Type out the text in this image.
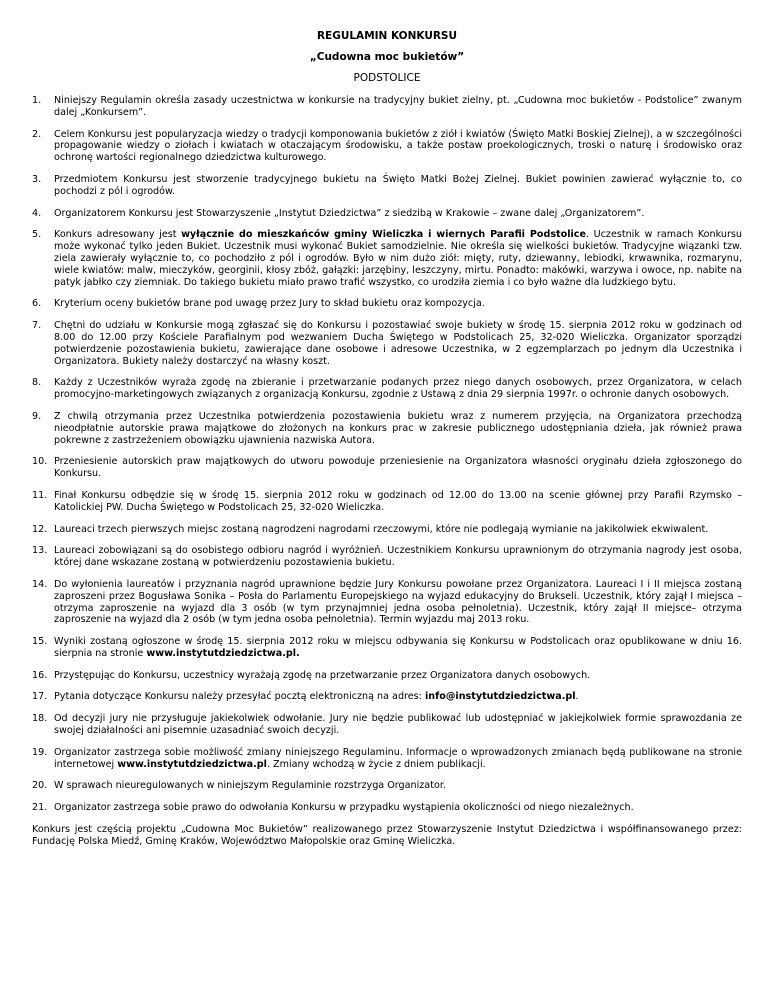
REGULAMIN KONKURSU

„Cudowna moc bukietów”

PODSTOLICE

1.	Niniejszy Regulamin określa zasady uczestnictwa w konkursie na tradycyjny bukiet zielny, pt. „Cudowna moc bukietów - Podstolice” zwanym dalej „Konkursem”.
2.	Celem Konkursu jest popularyzacja wiedzy o tradycji komponowania bukietów z ziół i kwiatów (Święto Matki Boskiej Zielnej), a w szczególności propagowanie wiedzy o ziołach i kwiatach w otaczającym środowisku, a także postaw proekologicznych, troski o naturę i środowisko oraz ochronę wartości regionalnego dziedzictwa kulturowego.
3.	Przedmiotem Konkursu jest stworzenie tradycyjnego bukietu na Święto Matki Bożej Zielnej. Bukiet powinien zawierać wyłącznie to, co pochodzi z pól i ogrodów.
4.	Organizatorem Konkursu jest Stowarzyszenie „Instytut Dziedzictwa” z siedzibą w Krakowie – zwane dalej „Organizatorem”.
5.	Konkurs adresowany jest wyłącznie do mieszkańców gminy Wieliczka i wiernych Parafii Podstolice. Uczestnik w ramach Konkursu może wykonać tylko jeden Bukiet. Uczestnik musi wykonać Bukiet samodzielnie. Nie określa się wielkości bukietów. Tradycyjne wiązanki tzw. ziela zawierały wyłącznie to, co pochodziło z pól i ogrodów. Było w nim dużo ziół: mięty, ruty, dziewanny, lebiodki, krwawnika, rozmarynu, wiele kwiatów: malw, mieczyków, georginii, kłosy zbóż, gałązki: jarzębiny, leszczyny, mirtu. Ponadto: makówki, warzywa i owoce, np. nabite na patyk jabłko czy ziemniak. Do takiego bukietu miało prawo trafić wszystko, co urodziła ziemia i co było ważne dla ludzkiego bytu.
6.	Kryterium oceny bukietów brane pod uwagę przez Jury to skład bukietu oraz kompozycja.
7.	Chętni do udziału w Konkursie mogą zgłaszać się do Konkursu i pozostawiać swoje bukiety w środę 15. sierpnia 2012 roku w godzinach od 8.00 do 12.00 przy Kościele Parafialnym pod wezwaniem Ducha Świętego w Podstolicach 25, 32-020 Wieliczka. Organizator sporządzi potwierdzenie pozostawienia bukietu, zawierające dane osobowe i adresowe Uczestnika, w 2 egzemplarzach po jednym dla Uczestnika i Organizatora. Bukiety należy dostarczyć na własny koszt.
8.	Każdy z Uczestników wyraża zgodę na zbieranie i przetwarzanie podanych przez niego danych osobowych, przez Organizatora, w celach promocyjno-marketingowych związanych z organizacją Konkursu, zgodnie z Ustawą z dnia 29 sierpnia 1997r. o ochronie danych osobowych.
9.	Z chwilą otrzymania przez Uczestnika potwierdzenia pozostawienia bukietu wraz z numerem przyjęcia, na Organizatora przechodzą nieodpłatnie autorskie prawa majątkowe do złożonych na konkurs prac w zakresie publicznego udostępniania dzieła, jak również prawa pokrewne z zastrzeżeniem obowiązku ujawnienia nazwiska Autora.
10. Przeniesienie autorskich praw majątkowych do utworu powoduje przeniesienie na Organizatora własności oryginału dzieła zgłoszonego do Konkursu.
11. Finał Konkursu odbędzie się w środę 15. sierpnia 2012 roku w godzinach od 12.00 do 13.00 na scenie głównej przy Parafii Rzymsko – Katolickiej PW. Ducha Świętego w Podstolicach 25, 32-020 Wieliczka.
12. Laureaci trzech pierwszych miejsc zostaną nagrodzeni nagrodami rzeczowymi, które nie podlegają wymianie na jakikolwiek ekwiwalent.
13. Laureaci zobowiązani są do osobistego odbioru nagród i wyróżnień. Uczestnikiem Konkursu uprawnionym do otrzymania nagrody jest osoba, której dane wskazane zostaną w potwierdzeniu pozostawienia bukietu.
14. Do wyłonienia laureatów i przyznania nagród uprawnione będzie Jury Konkursu powołane przez Organizatora. Laureaci I i II miejsca zostaną zaproszeni przez Bogusława Sonika – Posła do Parlamentu Europejskiego na wyjazd edukacyjny do Brukseli. Uczestnik, który zajął I miejsca – otrzyma zaproszenie na wyjazd dla 3 osób (w tym przynajmniej jedna osoba pełnoletnia). Uczestnik, który zajął II miejsce– otrzyma zaproszenie na wyjazd dla 2 osób (w tym jedna osoba pełnoletnia). Termin wyjazdu maj 2013 roku.
15. Wyniki zostaną ogłoszone w środę 15. sierpnia 2012 roku w miejscu odbywania się Konkursu w Podstolicach oraz opublikowane w dniu 16. sierpnia na stronie www.instytutdziedzictwa.pl.
16. Przystępując do Konkursu, uczestnicy wyrażają zgodę na przetwarzanie przez Organizatora danych osobowych.
17. Pytania dotyczące Konkursu należy przesyłać pocztą elektroniczną na adres: info@instytutdziedzictwa.pl.
18. Od decyzji jury nie przysługuje jakiekolwiek odwołanie. Jury nie będzie publikować lub udostępniać w jakiejkolwiek formie sprawozdania ze swojej działalności ani pisemnie uzasadniać swoich decyzji.
19. Organizator zastrzega sobie możliwość zmiany niniejszego Regulaminu. Informacje o wprowadzonych zmianach będą publikowane na stronie internetowej www.instytutdziedzictwa.pl. Zmiany wchodzą w życie z dniem publikacji.
20. W sprawach nieuregulowanych w niniejszym Regulaminie rozstrzyga Organizator.
21. Organizator zastrzega sobie prawo do odwołania Konkursu w przypadku wystąpienia okoliczności od niego niezależnych.

Konkurs jest częścią projektu „Cudowna Moc Bukietów” realizowanego przez Stowarzyszenie Instytut Dziedzictwa i współfinansowanego przez: Fundację Polska Miedź, Gminę Kraków, Województwo Małopolskie oraz Gminę Wieliczka.
